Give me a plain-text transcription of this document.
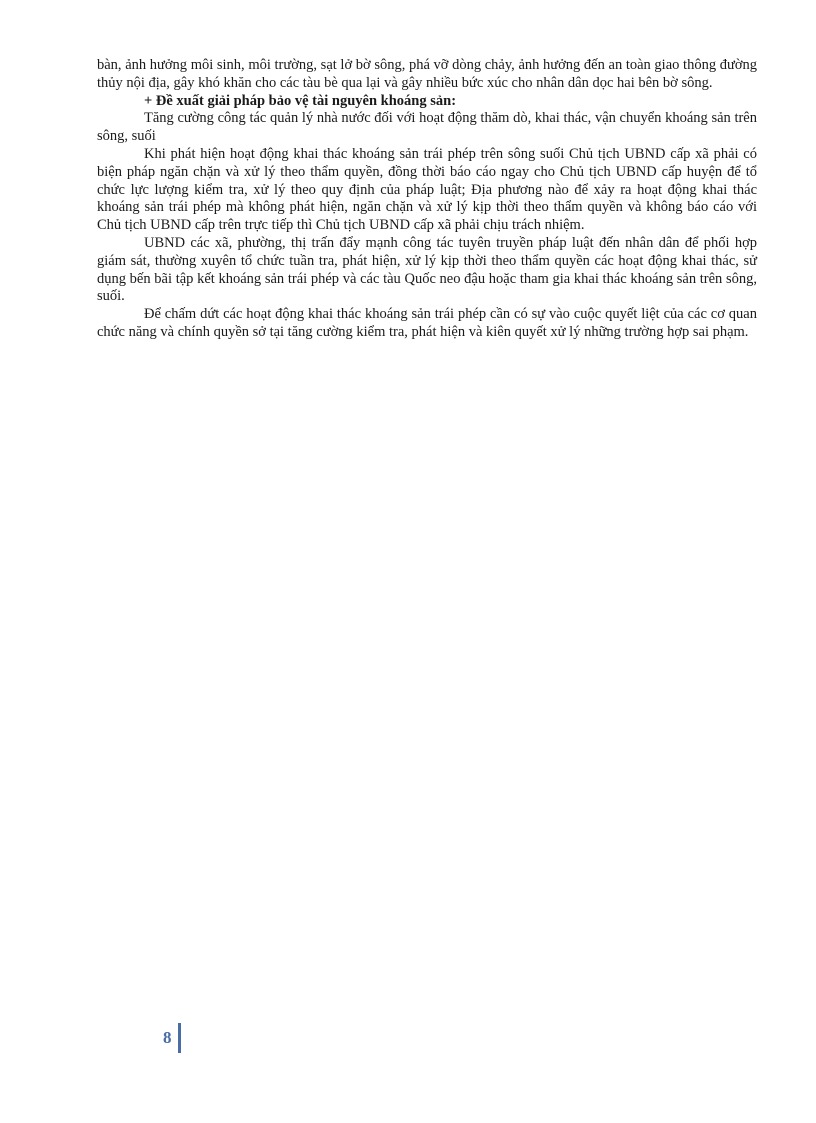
bàn, ảnh hưởng môi sinh, môi trường, sạt lở bờ sông, phá vỡ dòng chảy, ảnh hưởng đến an toàn giao thông đường thủy nội địa, gây khó khăn cho các tàu bè qua lại và gây nhiều bức xúc cho nhân dân dọc hai bên bờ sông.

+ Đề xuất giải pháp bảo vệ tài nguyên khoáng sản:

Tăng cường công tác quản lý nhà nước đối với hoạt động thăm dò, khai thác, vận chuyển khoáng sản trên sông, suối

Khi phát hiện hoạt động khai thác khoáng sản trái phép trên sông suối Chủ tịch UBND cấp xã phải có biện pháp ngăn chặn và xử lý theo thẩm quyền, đồng thời báo cáo ngay cho Chủ tịch UBND cấp huyện để tổ chức lực lượng kiểm tra, xử lý theo quy định của pháp luật; Địa phương nào để xảy ra hoạt động khai thác khoáng sản trái phép mà không phát hiện, ngăn chặn và xử lý kịp thời theo thẩm quyền và không báo cáo với Chủ tịch UBND cấp trên trực tiếp thì Chủ tịch UBND cấp xã phải chịu trách nhiệm.

UBND các xã, phường, thị trấn đẩy mạnh công tác tuyên truyền pháp luật đến nhân dân để phối hợp giám sát, thường xuyên tổ chức tuần tra, phát hiện, xử lý kịp thời theo thẩm quyền các hoạt động khai thác, sử dụng bến bãi tập kết khoáng sản trái phép và các tàu Quốc neo đậu hoặc tham gia khai thác khoáng sản trên sông, suối.

Để chấm dứt các hoạt động khai thác khoáng sản trái phép cần có sự vào cuộc quyết liệt của các cơ quan chức năng và chính quyền sở tại tăng cường kiểm tra, phát hiện và kiên quyết xử lý những trường hợp sai phạm.

8
